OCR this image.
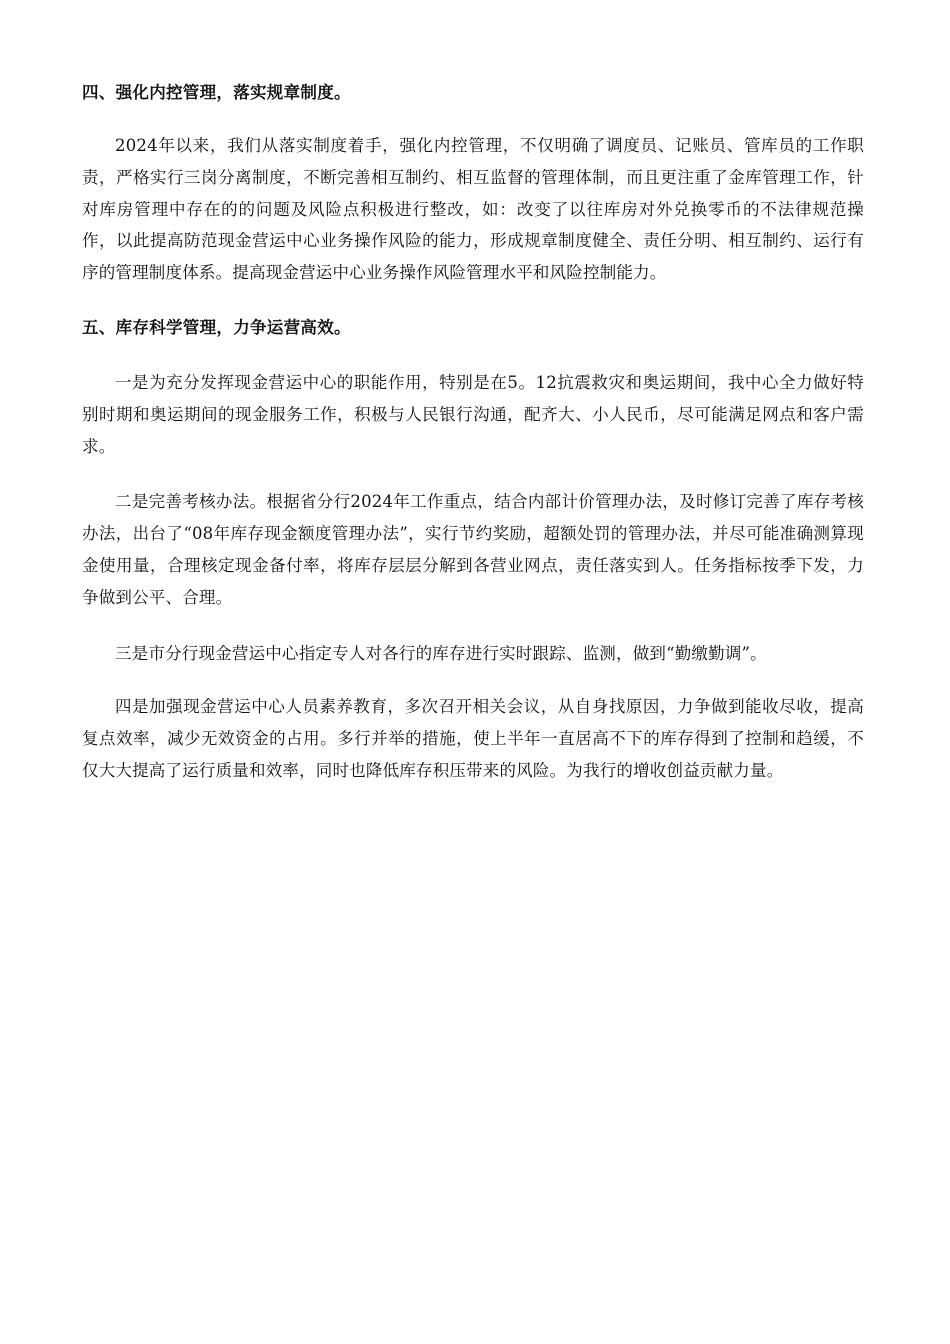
四、强化内控管理，落实规章制度。

2024年以来，我们从落实制度着手，强化内控管理，不仅明确了调度员、记账员、管库员的工作职责，严格实行三岗分离制度，不断完善相互制约、相互监督的管理体制，而且更注重了金库管理工作，针对库房管理中存在的的问题及风险点积极进行整改，如：改变了以往库房对外兑换零币的不法律规范操作，以此提高防范现金营运中心业务操作风险的能力，形成规章制度健全、责任分明、相互制约、运行有序的管理制度体系。提高现金营运中心业务操作风险管理水平和风险控制能力。

五、库存科学管理，力争运营高效。

一是为充分发挥现金营运中心的职能作用，特别是在5。12抗震救灾和奥运期间，我中心全力做好特别时期和奥运期间的现金服务工作，积极与人民银行沟通，配齐大、小人民币，尽可能满足网点和客户需求。

二是完善考核办法。根据省分行2024年工作重点，结合内部计价管理办法，及时修订完善了库存考核办法，出台了“08年库存现金额度管理办法”，实行节约奖励，超额处罚的管理办法，并尽可能准确测算现金使用量，合理核定现金备付率，将库存层层分解到各营业网点，责任落实到人。任务指标按季下发，力争做到公平、合理。

三是市分行现金营运中心指定专人对各行的库存进行实时跟踪、监测，做到“勤缴勤调”。

四是加强现金营运中心人员素养教育，多次召开相关会议，从自身找原因，力争做到能收尽收，提高复点效率，减少无效资金的占用。多行并举的措施，使上半年一直居高不下的库存得到了控制和趋缓，不仅大大提高了运行质量和效率，同时也降低库存积压带来的风险。为我行的增收创益贡献力量。
